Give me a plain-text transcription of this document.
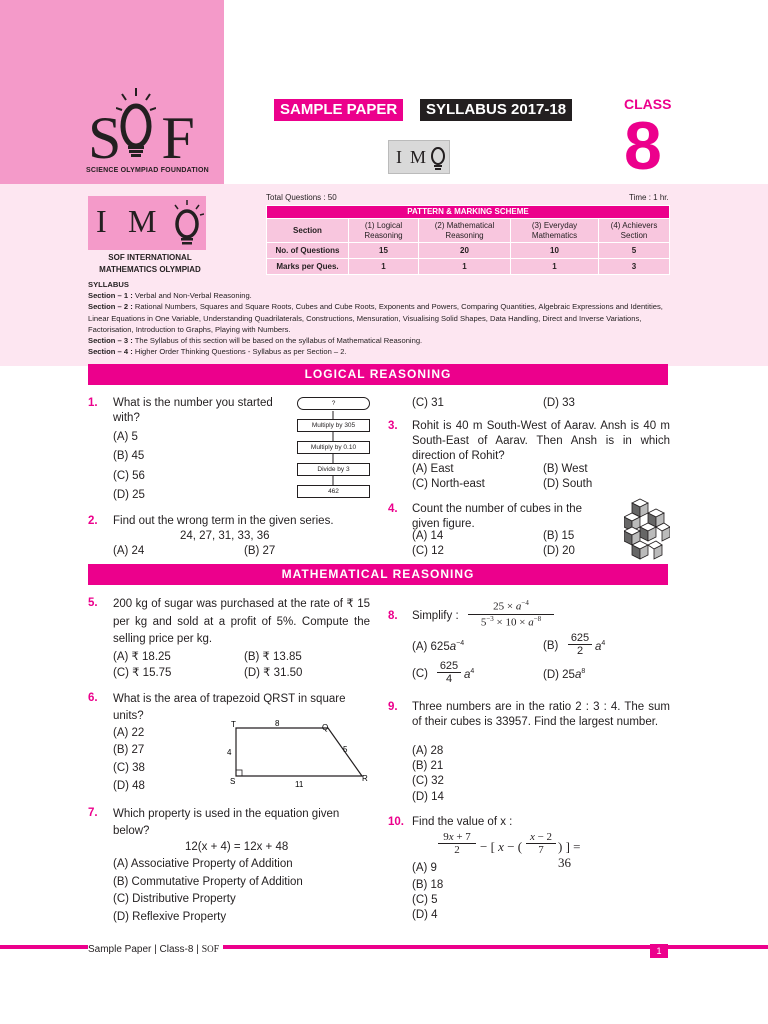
S F
SCIENCE OLYMPIAD FOUNDATION
SAMPLE PAPER	SYLLABUS 2017-18	CLASS
8
I M
I M
SOF INTERNATIONAL MATHEMATICS OLYMPIAD
Total Questions : 50	Time : 1 hr.
PATTERN & MARKING SCHEME				
Section	(1) Logical Reasoning	(2) Mathematical Reasoning	(3) Everyday Mathematics	(4) Achievers Section
No. of Questions	15	20	10	5
Marks per Ques.	1	1	1	3
SYLLABUS
Section – 1 : Verbal and Non-Verbal Reasoning.
Section – 2 : Rational Numbers, Squares and Square Roots, Cubes and Cube Roots, Exponents and Powers, Comparing Quantities, Algebraic Expressions and Identities, Linear Equations in One Variable, Understanding Quadrilaterals, Constructions, Mensuration, Visualising Solid Shapes, Data Handling, Direct and Inverse Variations, Factorisation, Introduction to Graphs, Playing with Numbers.
Section – 3 : The Syllabus of this section will be based on the syllabus of Mathematical Reasoning.
Section – 4 : Higher Order Thinking Questions - Syllabus as per Section – 2.
LOGICAL REASONING
1. What is the number you started with?
(A) 5
(B) 45
(C) 56
(D) 25
?
Multiply by 305
Multiply by 0.10
Divide by 3
462
2. Find out the wrong term in the given series.
24, 27, 31, 33, 36
(A) 24	(B) 27
(C) 31	(D) 33
3. Rohit is 40 m South-West of Aarav. Ansh is 40 m South-East of Aarav. Then Ansh is in which direction of Rohit?
(A) East	(B) West
(C) North-east	(D) South
4. Count the number of cubes in the given figure.
(A) 14	(B) 15
(C) 12	(D) 20
MATHEMATICAL REASONING
5. 200 kg of sugar was purchased at the rate of ₹ 15 per kg and sold at a profit of 5%. Compute the selling price per kg.
(A) ₹ 18.25	(B) ₹ 13.85
(C) ₹ 15.75	(D) ₹ 31.50
6. What is the area of trapezoid QRST in square units?
(A) 22
(B) 27
(C) 38
(D) 48
T	Q
S	R
8
4	5
11
7. Which property is used in the equation given below?
12(x + 4) = 12x + 48
(A) Associative Property of Addition
(B) Commutative Property of Addition
(C) Distributive Property
(D) Reflexive Property
8. Simplify :
$25 \times a^{-4}$
$5^{-3} \times 10 \times a^{-8}$
(A) $625a^{-4}$	(B)
625
2	$a^4$
(C)
625
4	$a^4$	(D) $25a^8$
9. Three numbers are in the ratio 2 : 3 : 4. The sum of their cubes is 33957. Find the largest number.
(A) 28
(B) 21
(C) 32
(D) 14
10. Find the value of x :
9x + 7
2	− [ x − (
x − 2
7	) ] = 36
(A) 9
(B) 18
(C) 5
(D) 4
Sample Paper | Class-8 | SOF	1
